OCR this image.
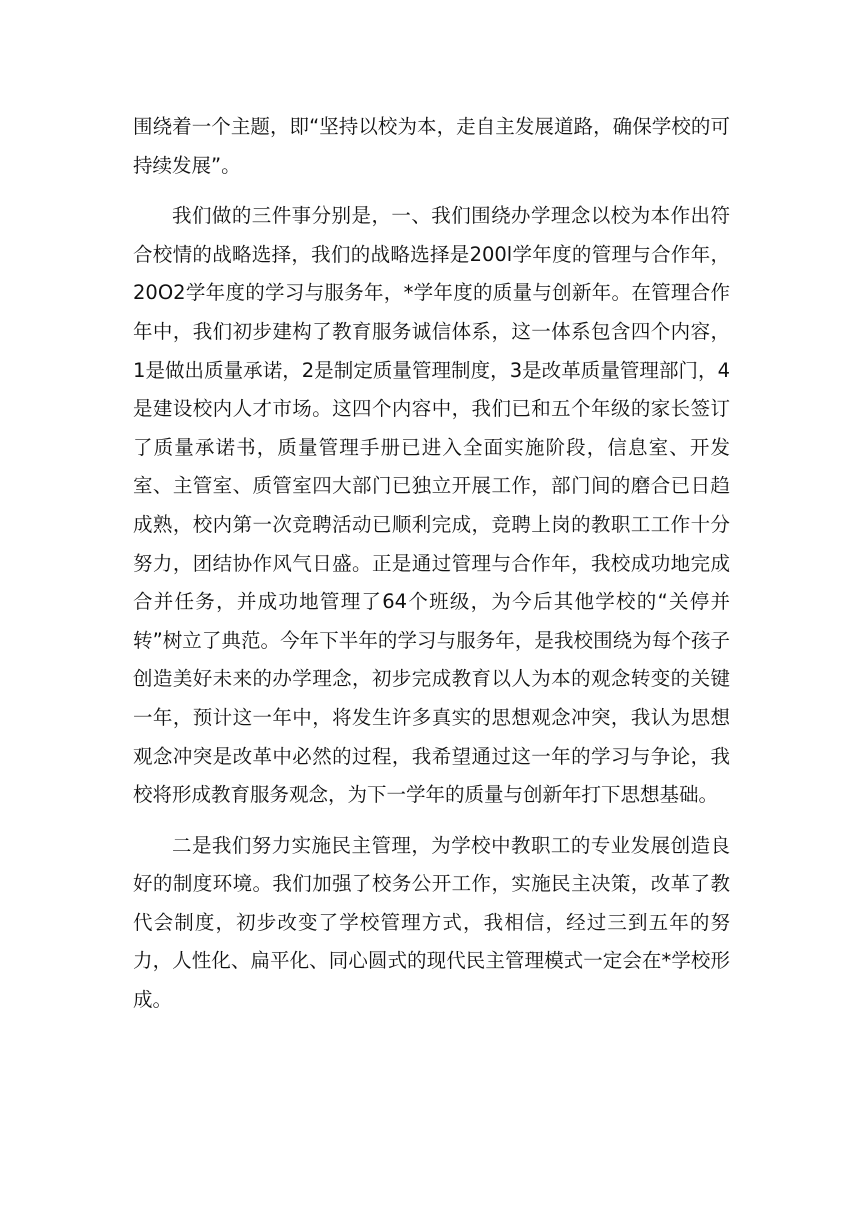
围绕着一个主题，即“坚持以校为本，走自主发展道路，确保学校的可持续发展”。

我们做的三件事分别是，一、我们围绕办学理念以校为本作出符合校情的战略选择，我们的战略选择是200l学年度的管理与合作年，20O2学年度的学习与服务年，*学年度的质量与创新年。在管理合作年中，我们初步建构了教育服务诚信体系，这一体系包含四个内容，1是做出质量承诺，2是制定质量管理制度，3是改革质量管理部门，4是建设校内人才市场。这四个内容中，我们已和五个年级的家长签订了质量承诺书，质量管理手册已进入全面实施阶段，信息室、开发室、主管室、质管室四大部门已独立开展工作，部门间的磨合已日趋成熟，校内第一次竞聘活动已顺利完成，竞聘上岗的教职工工作十分努力，团结协作风气日盛。正是通过管理与合作年，我校成功地完成合并任务，并成功地管理了64个班级，为今后其他学校的“关停并转”树立了典范。今年下半年的学习与服务年，是我校围绕为每个孩子创造美好未来的办学理念，初步完成教育以人为本的观念转变的关键一年，预计这一年中，将发生许多真实的思想观念冲突，我认为思想观念冲突是改革中必然的过程，我希望通过这一年的学习与争论，我校将形成教育服务观念，为下一学年的质量与创新年打下思想基础。

二是我们努力实施民主管理，为学校中教职工的专业发展创造良好的制度环境。我们加强了校务公开工作，实施民主决策，改革了教代会制度，初步改变了学校管理方式，我相信，经过三到五年的努力，人性化、扁平化、同心圆式的现代民主管理模式一定会在*学校形成。
